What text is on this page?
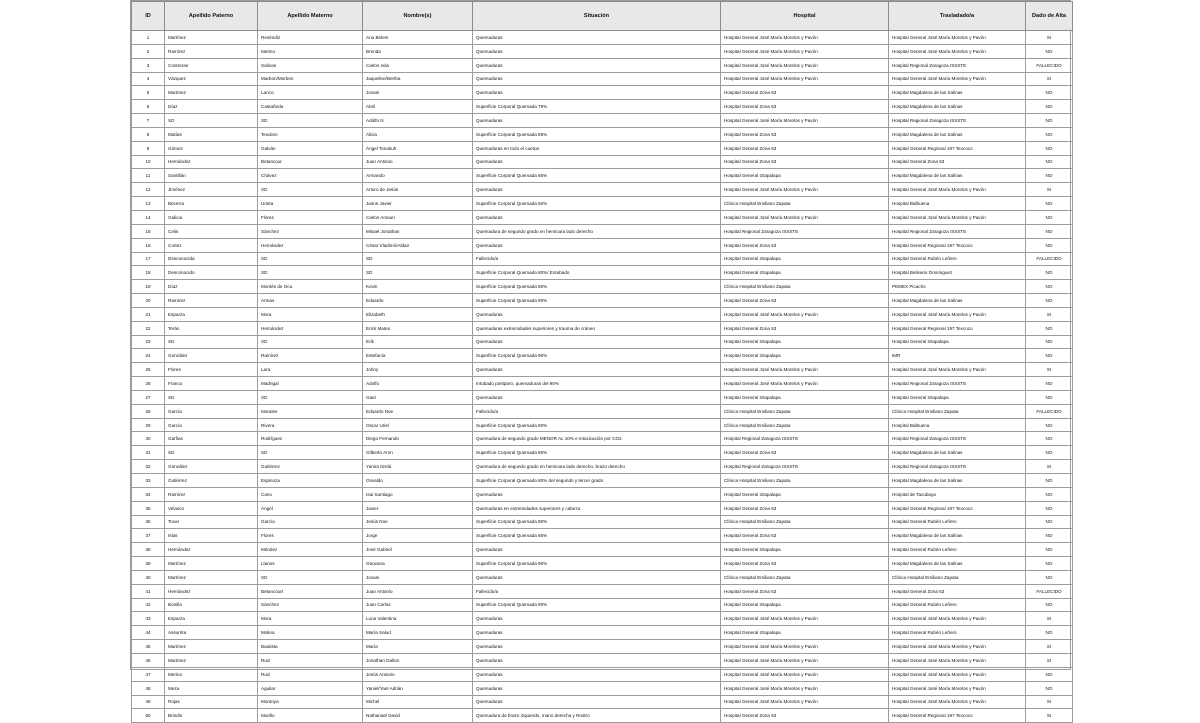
ID	Apellido Paterno	Apellido Materno	Nombre(s)	Situación	Hospital	Trasladado/a	Dado de Alta
1	Martínez	Reséndiz	Ana Belem	Quemaduras	Hospital General José María Morelos y Pavón	Hospital General José María Morelos y Pavón	SI
2	Ramírez	Merino	Brenda	Quemaduras	Hospital General José María Morelos y Pavón	Hospital General José María Morelos y Pavón	NO
3	Contreras	Salinas	Carlos Iván	Quemaduras	Hospital General José María Morelos y Pavón	Hospital Regional Zaragoza ISSSTE	FALLECIDO
4	Vázquez	Marbon/Morben	Jaqueline/Bertha	Quemaduras	Hospital General José María Morelos y Pavón	Hospital General José María Morelos y Pavón	SI
5	Martínez	Lanco	Jovani	Quemaduras	Hospital General Zona 53	Hospital Magdalena de las Salinas	NO
6	Díaz	Castañeda	Abril	Superficie Corporal Quemada 75%	Hospital General Zona 53	Hospital Magdalena de las Salinas	NO
7	SD	SD	Adolfo N	Quemaduras	Hospital General José María Morelos y Pavón	Hospital Regional Zaragoza ISSSTE	NO
8	Matías	Teodoro	Alicia	Superficie Corporal Quemada 85%	Hospital General Zona 53	Hospital Magdalena de las Salinas	NO
9	Gómez	Galván	Ángel Tonatiuh	Quemaduras en todo el cuerpo	Hospital General Zona 53	Hospital General Regional 197 Texcoco	NO
10	Hernández	Betancour	Juan Antonio	Quemaduras	Hospital General Zona 53	Hospital General Zona 53	NO
11	Santillán	Chávez	Armando	Superficie Corporal Quemada 85%	Hospital General Iztapalapa	Hospital Magdalena de las Salinas	NO
12	Jiménez	SD	Arturo de Jesús	Quemaduras	Hospital General José María Morelos y Pavón	Hospital General José María Morelos y Pavón	SI
13	Becerra	Urieta	Jaime Javier	Superficie Corporal Quemada 50%	Clínica Hospital Emiliano Zapata	Hospital Balbuena	NO
14	Galicia	Flores	Carlos Amauri	Quemaduras	Hospital General José María Morelos y Pavón	Hospital General José María Morelos y Pavón	NO
15	Celis	Sánchez	Misael Jonathan	Quemadura de segundo grado en hemicara lado derecho	Hospital Regional Zaragoza ISSSTE	Hospital Regional Zaragoza ISSSTE	NO
16	Cortez	Hernández	César Vladimir/Aldair	Quemaduras	Hospital General Zona 53	Hospital General Regional 197 Texcoco	NO
17	Desconocida	SD	SD	Fallecido/a	Hospital General Iztapalapa	Hospital General Rubén Leñero	FALLECIDO
18	Desconocido	SD	SD	Superficie Corporal Quemada 80%/ Entubado	Hospital General Iztapalapa	Hospital Belisario Domínguez	NO
19	Díaz	Montés de Oca	Kevin	Superficie Corporal Quemada 80%	Clínica Hospital Emiliano Zapata	PEMEX Picacho	NO
20	Ramírez	Armas	Eduardo	Superficie Corporal Quemada 90%	Hospital General Zona 53	Hospital Magdalena de las Salinas	NO
21	Esparza	Mora	Elizabeth	Quemaduras	Hospital General José María Morelos y Pavón	Hospital General José María Morelos y Pavón	SI
22	Terán	Hernández	Erick Mateo	Quemaduras extremidades superiores y trauma de cráneo	Hospital General Zona 53	Hospital General Regional 197 Texcoco	NO
23	SD	SD	Erik	Quemaduras	Hospital General Iztapalapa	Hospital General Iztapalapa	NO
24	González	Ramírez	Estefanía	Superficie Corporal Quemada 90%	Hospital General Iztapalapa	IMR	NO
25	Flores	Lara	Johny	Quemaduras	Hospital General José María Morelos y Pavón	Hospital General José María Morelos y Pavón	SI
26	Franco	Madrigal	Adolfo	Intubado postparo, quemaduras del 90%	Hospital General José María Morelos y Pavón	Hospital Regional Zaragoza ISSSTE	NO
27	SD	SD	Gael	Quemaduras	Hospital General Iztapalapa	Hospital General Iztapalapa	NO
28	García	Morales	Eduardo Noe	Fallecido/a	Clínica Hospital Emiliano Zapata	Clínica Hospital Emiliano Zapata	FALLECIDO
29	García	Rivera	Oscar Uriel	Superficie Corporal Quemada 80%	Clínica Hospital Emiliano Zapata	Hospital Balbuena	NO
30	Garfias	Rodríguez	Diego Fernando	Quemadura de segundo grado MENOR AL 10% e intoxicación por CO2	Hospital Regional Zaragoza ISSSTE	Hospital Regional Zaragoza ISSSTE	NO
31	SD	SD	Gilberto Aron	Superficie Corporal Quemada 80%	Hospital General Zona 53	Hospital Magdalena de las Salinas	NO
32	González	Gutiérrez	Yanira Itzelá	Quemadura de segundo grado en hemicara lado derecho, brazo derecho	Hospital Regional Zaragoza ISSSTE	Hospital Regional Zaragoza ISSSTE	SI
33	Gutiérrez	Espinoza	Osvaldo	Superficie Corporal Quemada 80% del segundo y tercer grado	Clínica Hospital Emiliano Zapata	Hospital Magdalena de las Salinas	NO
34	Ramírez	Cano	Isai Santiago	Quemaduras	Hospital General Iztapalapa	Hospital de Tacubaya	NO
35	Velasco	Ángel	Javier	Quemaduras en extremidades superiores y cabeza	Hospital General Zona 53	Hospital General Regional 197 Texcoco	NO
36	Tovar	García	Jesús Noe	Superficie Corporal Quemada 90%	Clínica Hospital Emiliano Zapata	Hospital General Rubén Leñero	NO
37	Islas	Flores	Jorge	Superficie Corporal Quemada 85%	Hospital General Zona 53	Hospital Magdalena de las Salinas	NO
38	Hernández	Méndez	José Gabriel	Quemaduras	Hospital General Iztapalapa	Hospital General Rubén Leñero	NO
39	Martínez	Llanos	Geovana	Superficie Corporal Quemada 90%	Hospital General Zona 53	Hospital Magdalena de las Salinas	NO
40	Martínez	SD	Jovani	Quemaduras	Clínica Hospital Emiliano Zapata	Clínica Hospital Emiliano Zapata	NO
41	Hernández	Betancourt	Juan Antonio	Fallecido/a	Hospital General Zona 53	Hospital General Zona 53	FALLECIDO
42	Bonilla	Sánchez	Juan Carlos	Superficie Corporal Quemada 90%	Hospital General Iztapalapa	Hospital General Rubén Leñero	NO
43	Esparza	Mora	Luna Valentina	Quemaduras	Hospital General José María Morelos y Pavón	Hospital General José María Morelos y Pavón	SI
44	Assurrita	Molina	María Salud	Quemaduras	Hospital General Iztapalapa	Hospital General Rubén Leñero	NO
45	Martínez	Bautista	María	Quemaduras	Hospital General José María Morelos y Pavón	Hospital General José María Morelos y Pavón	SI
46	Martínez	Ruiz	Jonathan Dalton	Quemaduras	Hospital General José María Morelos y Pavón	Hospital General José María Morelos y Pavón	SI
47	Merino	Ruiz	Jesús Antonio	Quemaduras	Hospital General José María Morelos y Pavón	Hospital General José María Morelos y Pavón	NO
48	Meza	Aguilar	Yaniel/Yael Adrián	Quemaduras	Hospital General José María Morelos y Pavón	Hospital General José María Morelos y Pavón	NO
49	Rojas	Montoya	Michel	Quemaduras	Hospital General José María Morelos y Pavón	Hospital General José María Morelos y Pavón	SI
50	Brindis	Murillo	Nathanael David	Quemadura de brazo izquierdo, mano derecha y Rostro	Hospital General Zona 53	Hospital General Regional 197 Texcoco	SI
